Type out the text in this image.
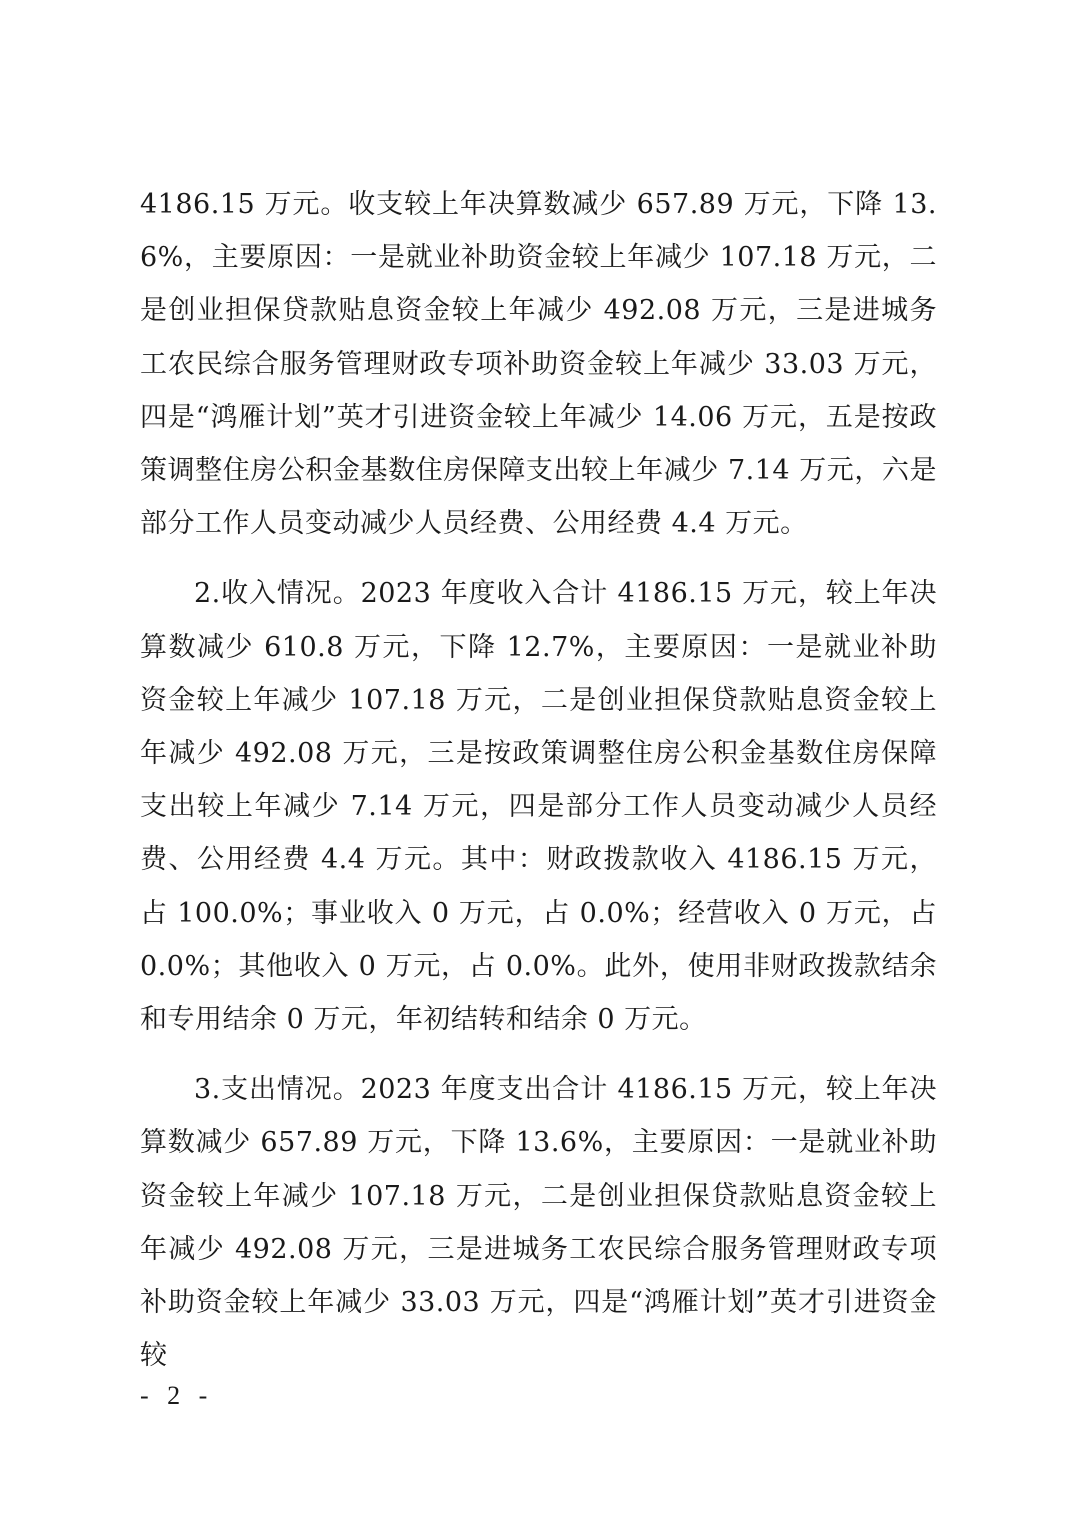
4186.15 万元。收支较上年决算数减少 657.89 万元，下降 13.6%，主要原因：一是就业补助资金较上年减少 107.18 万元，二是创业担保贷款贴息资金较上年减少 492.08 万元，三是进城务工农民综合服务管理财政专项补助资金较上年减少 33.03 万元，四是“鸿雁计划”英才引进资金较上年减少 14.06 万元，五是按政策调整住房公积金基数住房保障支出较上年减少 7.14 万元，六是部分工作人员变动减少人员经费、公用经费 4.4 万元。

2.收入情况。2023 年度收入合计 4186.15 万元，较上年决算数减少 610.8 万元，下降 12.7%，主要原因：一是就业补助资金较上年减少 107.18 万元，二是创业担保贷款贴息资金较上年减少 492.08 万元，三是按政策调整住房公积金基数住房保障支出较上年减少 7.14 万元，四是部分工作人员变动减少人员经费、公用经费 4.4 万元。其中：财政拨款收入 4186.15 万元，占 100.0%；事业收入 0 万元，占 0.0%；经营收入 0 万元，占 0.0%；其他收入 0 万元，占 0.0%。此外，使用非财政拨款结余和专用结余 0 万元，年初结转和结余 0 万元。

3.支出情况。2023 年度支出合计 4186.15 万元，较上年决算数减少 657.89 万元，下降 13.6%，主要原因：一是就业补助资金较上年减少 107.18 万元，二是创业担保贷款贴息资金较上年减少 492.08 万元，三是进城务工农民综合服务管理财政专项补助资金较上年减少 33.03 万元，四是“鸿雁计划”英才引进资金较

- 2 -
